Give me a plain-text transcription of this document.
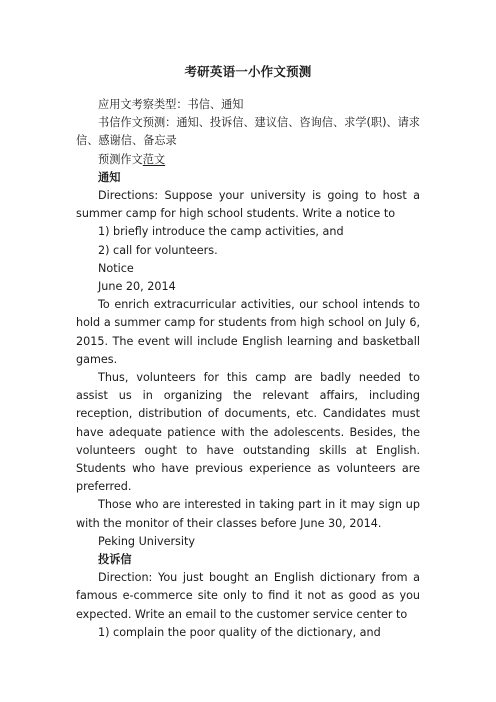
考研英语一小作文预测

应用文考察类型：书信、通知

书信作文预测：通知、投诉信、建议信、咨询信、求学(职)、请求信、感谢信、备忘录

预测作文范文

通知

Directions: Suppose your university is going to host a summer camp for high school students. Write a notice to

1) briefly introduce the camp activities, and

2) call for volunteers.

Notice

June 20, 2014

To enrich extracurricular activities, our school intends to hold a summer camp for students from high school on July 6, 2015. The event will include English learning and basketball games.

Thus, volunteers for this camp are badly needed to assist us in organizing the relevant affairs, including reception, distribution of documents, etc. Candidates must have adequate patience with the adolescents. Besides, the volunteers ought to have outstanding skills at English. Students who have previous experience as volunteers are preferred.

Those who are interested in taking part in it may sign up with the monitor of their classes before June 30, 2014.

Peking University

投诉信

Direction: You just bought an English dictionary from a famous e-commerce site only to find it not as good as you expected. Write an email to the customer service center to

1) complain the poor quality of the dictionary, and
